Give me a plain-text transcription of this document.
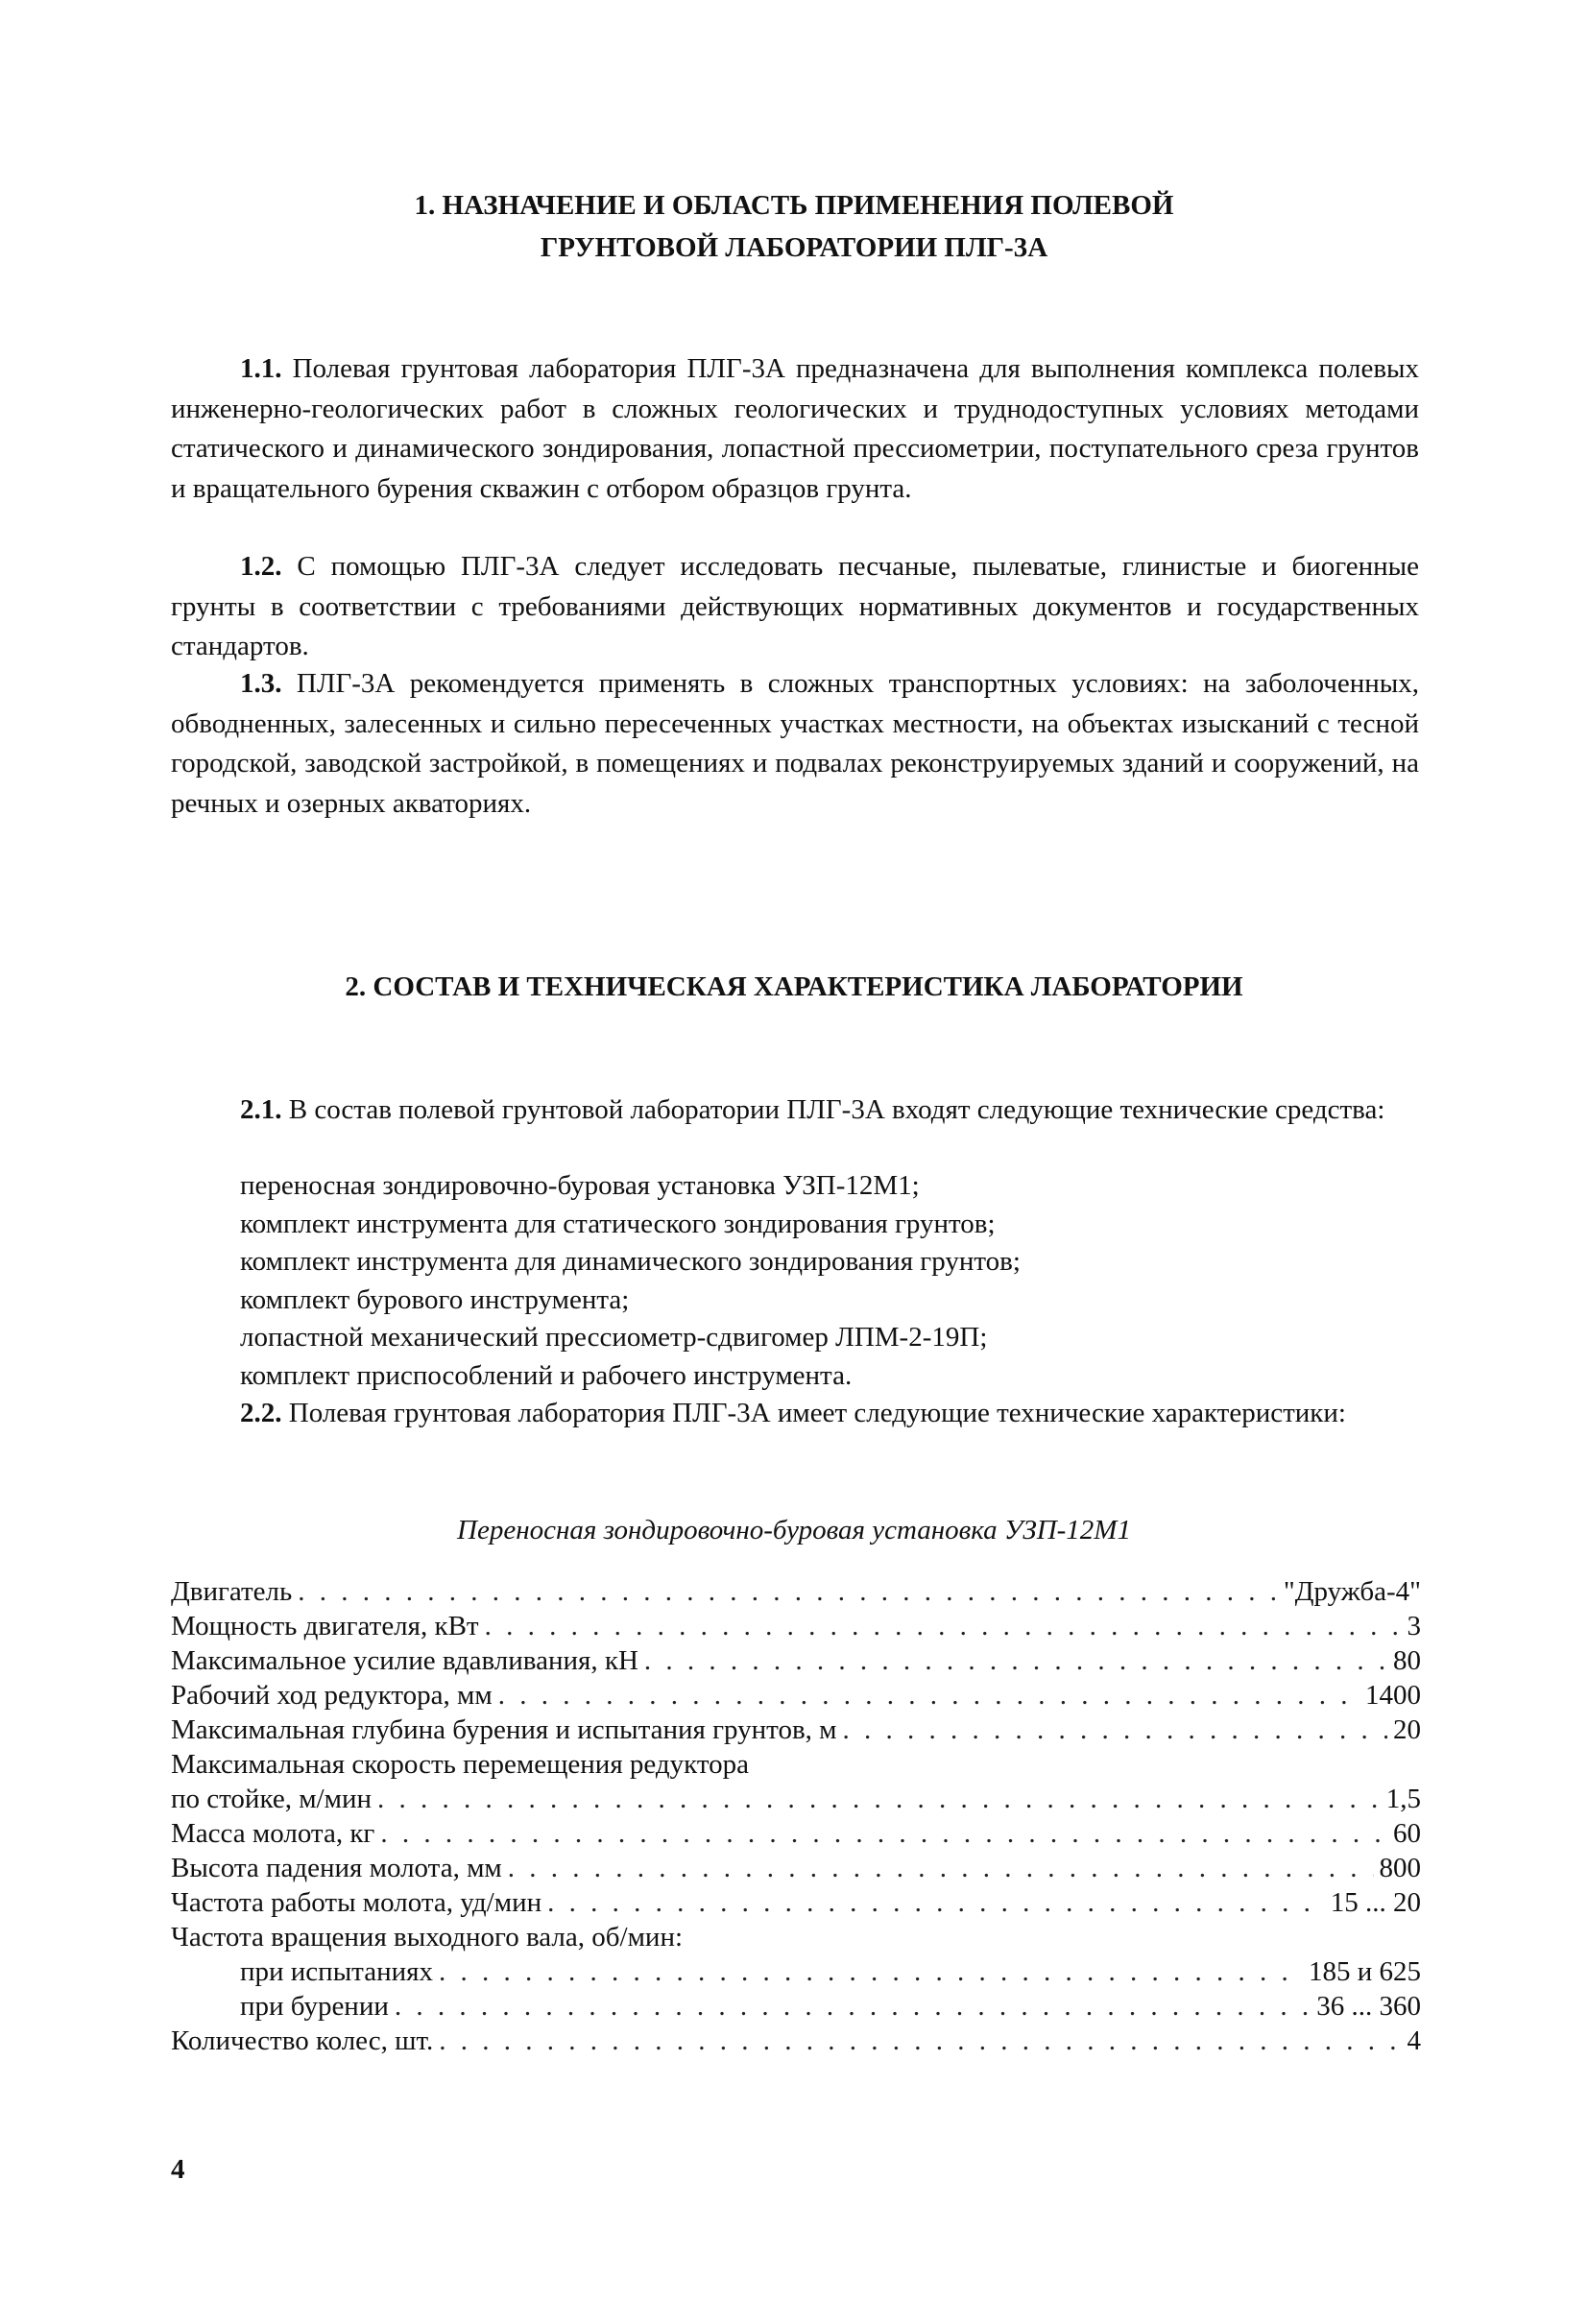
1. НАЗНАЧЕНИЕ И ОБЛАСТЬ ПРИМЕНЕНИЯ ПОЛЕВОЙ
ГРУНТОВОЙ ЛАБОРАТОРИИ ПЛГ-3А

1.1. Полевая грунтовая лаборатория ПЛГ-3А предназначена для выполнения комплекса полевых инженерно-геологических работ в сложных геологических и труднодоступных условиях методами статического и динамического зондирования, лопастной прессиометрии, поступательного среза грунтов и вращательного бурения скважин с отбором образцов грунта.

1.2. С помощью ПЛГ-3А следует исследовать песчаные, пылеватые, глинистые и биогенные грунты в соответствии с требованиями действующих нормативных документов и государственных стандартов.

1.3. ПЛГ-3А рекомендуется применять в сложных транспортных условиях: на заболоченных, обводненных, залесенных и сильно пересеченных участках местности, на объектах изысканий с тесной городской, заводской застройкой, в помещениях и подвалах реконструируемых зданий и сооружений, на речных и озерных акваториях.

2. СОСТАВ И ТЕХНИЧЕСКАЯ ХАРАКТЕРИСТИКА ЛАБОРАТОРИИ

2.1. В состав полевой грунтовой лаборатории ПЛГ-3А входят следующие технические средства:

переносная зондировочно-буровая установка УЗП-12М1;
комплект инструмента для статического зондирования грунтов;
комплект инструмента для динамического зондирования грунтов;
комплект бурового инструмента;
лопастной механический прессиометр-сдвигомер ЛПМ-2-19П;
комплект приспособлений и рабочего инструмента.

2.2. Полевая грунтовая лаборатория ПЛГ-3А имеет следующие технические характеристики:

Переносная зондировочно-буровая установка УЗП-12М1
Двигатель . . .	"Дружба-4"
Мощность двигателя, кВт . . .	3
Максимальное усилие вдавливания, кН . . .	80
Рабочий ход редуктора, мм . . .	1400
Максимальная глубина бурения и испытания грунтов, м . . .	20
Максимальная скорость перемещения редуктора
по стойке, м/мин . . .	1,5
Масса молота, кг . . .	60
Высота падения молота, мм . . .	800
Частота работы молота, уд/мин . . .	15 ... 20
Частота вращения выходного вала, об/мин:
при испытаниях . . .	185 и 625
при бурении . . .	36 ... 360
Количество колес, шт. . . .	4
4
